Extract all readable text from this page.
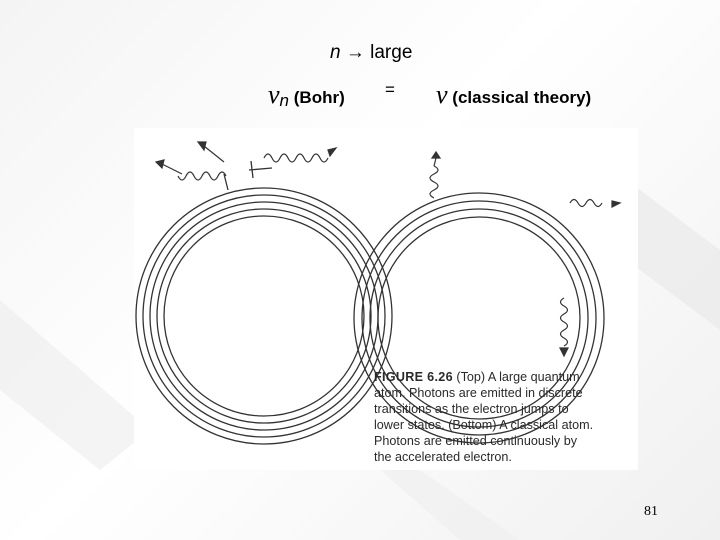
n → large
νn (Bohr) = ν (classical theory)
FIGURE 6.26 (Top) A large quantum
atom. Photons are emitted in discrete
transitions as the electron jumps to
lower states. (Bottom) A classical atom.
Photons are emitted continuously by
the accelerated electron.
81
